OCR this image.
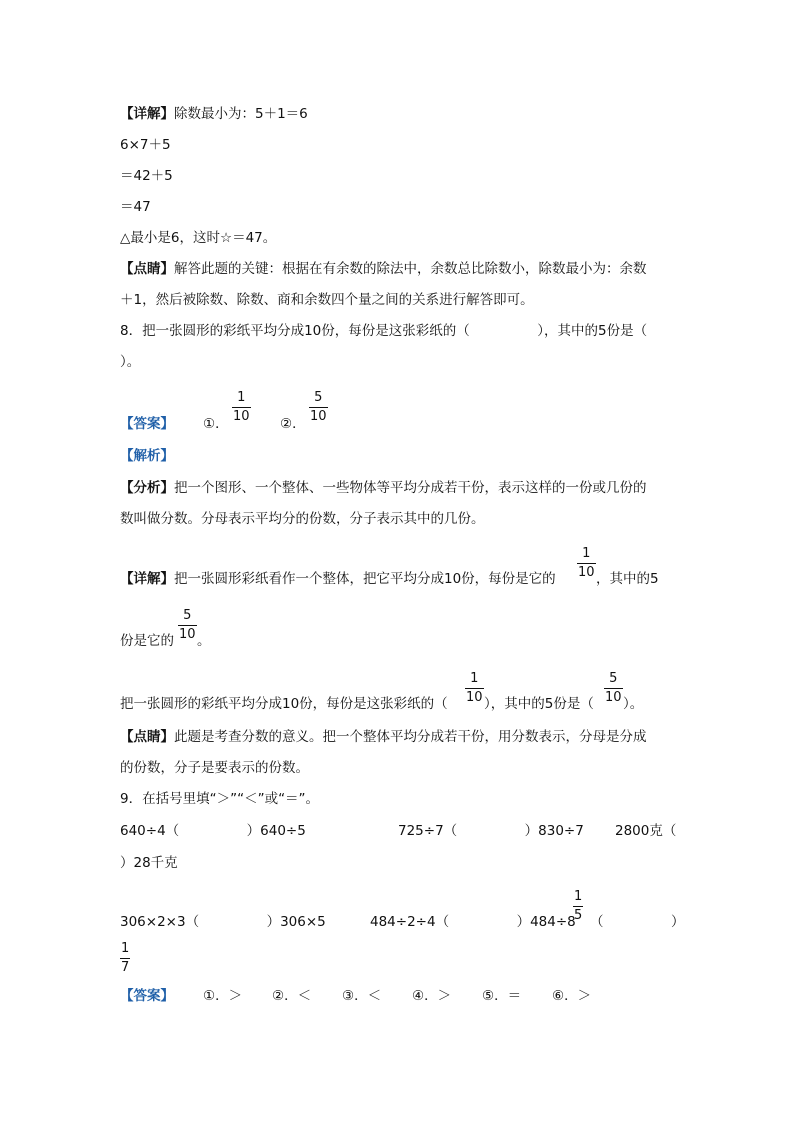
【详解】除数最小为：5＋1＝6
6×7＋5
＝42＋5
＝47
△最小是6，这时☆＝47。
【点睛】解答此题的关键：根据在有余数的除法中，余数总比除数小，除数最小为：余数
＋1，然后被除数、除数、商和余数四个量之间的关系进行解答即可。
8．把一张圆形的彩纸平均分成10份，每份是这张彩纸的（　　　　　），其中的5份是（
）。
【答案】 ①．
1
10 ②．
5
10
【解析】
【分析】把一个图形、一个整体、一些物体等平均分成若干份，表示这样的一份或几份的
数叫做分数。分母表示平均分的份数，分子表示其中的几份。
【详解】把一张圆形彩纸看作一个整体，把它平均分成10份，每份是它的
1
10 ，其中的5
份是它的
5
10 。
把一张圆形的彩纸平均分成10份，每份是这张彩纸的（
1
10 ），其中的5份是（
5
10 ）。
【点睛】此题是考查分数的意义。把一个整体平均分成若干份，用分数表示，分母是分成
的份数，分子是要表示的份数。
9．在括号里填“＞”“＜”或“＝”。
640÷4（　　　　　）640÷5	725÷7（　　　　　）830÷7 2800克（
）28千克
306×2×3（　　　　　）306×5	484÷2÷4（　　　　　）484÷8
1
5 （　　　　　）
1
7
【答案】 ①．＞ ②．＜ ③．＜ ④．＞ ⑤．＝ ⑥．＞
